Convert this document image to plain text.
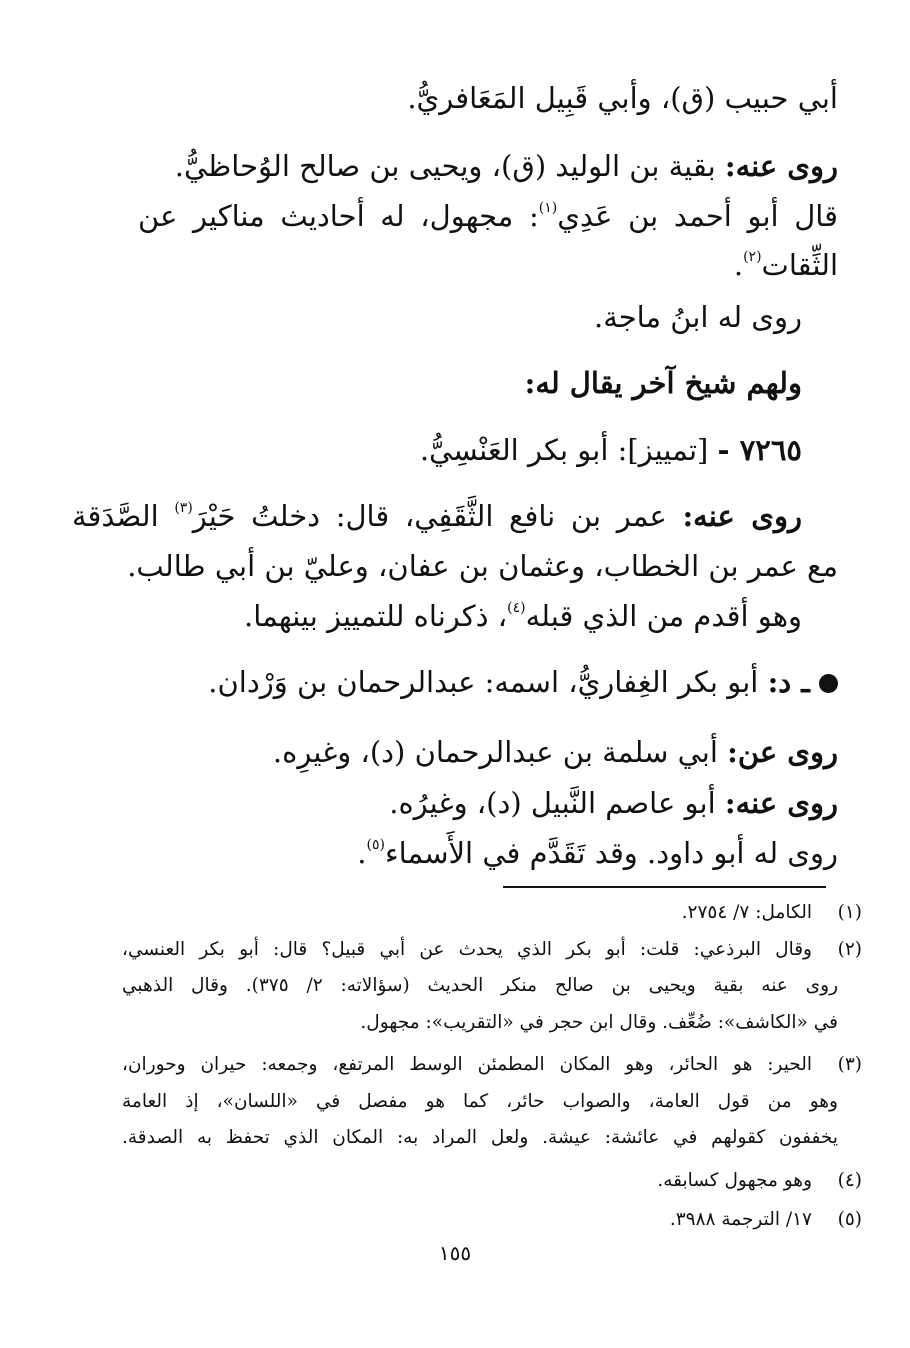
أبي حبيب (ق)، وأبي قَبِيل المَعَافريُّ.
روى عنه: بقية بن الوليد (ق)، ويحيى بن صالح الوُحاظيُّ.
قال أبو أحمد بن عَدِي$^{(١)}$: مجهول، له أحاديث مناكير عن
الثِّقات$^{(٢)}$.
روى له ابنُ ماجة.
ولهم شيخ آخر يقال له:
٧٢٦٥ - [تمييز]: أبو بكر العَنْسِيُّ.
روى عنه: عمر بن نافع الثَّقَفِي، قال: دخلتُ حَيْرَ$^{(٣)}$ الصَّدَقة
مع عمر بن الخطاب، وعثمان بن عفان، وعليّ بن أبي طالب.
وهو أقدم من الذي قبله$^{(٤)}$، ذكرناه للتمييز بينهما.
ـ د: أبو بكر الغِفاريُّ، اسمه: عبدالرحمان بن وَرْدان.
روى عن: أبي سلمة بن عبدالرحمان (د)، وغيرِه.
روى عنه: أبو عاصم النَّبيل (د)، وغيرُه.
روى له أبو داود. وقد تَقَدَّم في الأَسماء$^{(٥)}$.
(١)
الكامل: ٧/ ٢٧٥٤.
(٢)
وقال البرذعي: قلت: أبو بكر الذي يحدث عن أبي قبيل؟ قال: أبو بكر العنسي،
روى عنه بقية ويحيى بن صالح منكر الحديث (سؤالاته: ٢/ ٣٧٥). وقال الذهبي
في «الكاشف»: ضُعِّف. وقال ابن حجر في «التقريب»: مجهول.
(٣)
الحير: هو الحائر، وهو المكان المطمئن الوسط المرتفع، وجمعه: حيران وحوران،
وهو من قول العامة، والصواب حائر، كما هو مفصل في «اللسان»، إذ العامة
يخففون كقولهم في عائشة: عيشة. ولعل المراد به: المكان الذي تحفظ به الصدقة.
(٤)
وهو مجهول كسابقه.
(٥)
١٧/ الترجمة ٣٩٨٨.
١٥٥
